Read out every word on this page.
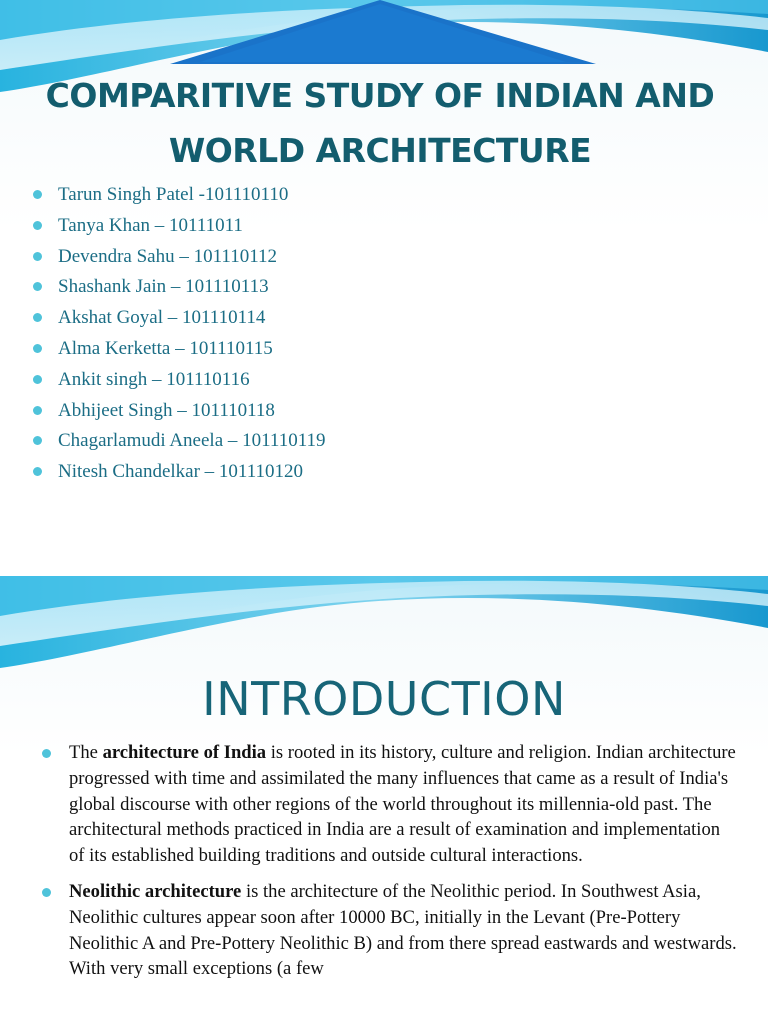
COMPARITIVE STUDY OF INDIAN AND
WORLD ARCHITECTURE
Tarun Singh Patel -101110110
Tanya Khan – 10111011
Devendra Sahu – 101110112
Shashank Jain – 101110113
Akshat Goyal – 101110114
Alma Kerketta – 101110115
Ankit singh – 101110116
Abhijeet Singh – 101110118
Chagarlamudi Aneela – 101110119
Nitesh Chandelkar – 101110120
INTRODUCTION
The architecture of India is rooted in its history, culture and religion. Indian architecture progressed with time and assimilated the many influences that came as a result of India's global discourse with other regions of the world throughout its millennia-old past. The architectural methods practiced in India are a result of examination and implementation of its established building traditions and outside cultural interactions.
Neolithic architecture is the architecture of the Neolithic period. In Southwest Asia, Neolithic cultures appear soon after 10000 BC, initially in the Levant (Pre-Pottery Neolithic A and Pre-Pottery Neolithic B) and from there spread eastwards and westwards. With very small exceptions (a few
